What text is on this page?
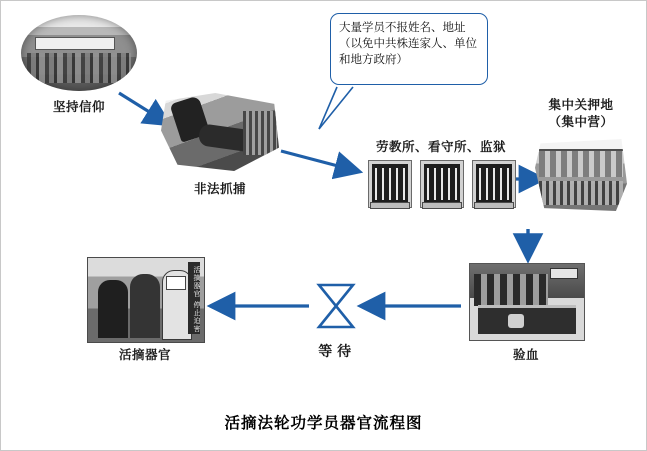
坚持信仰
非法抓捕
大量学员不报姓名、地址（以免中共株连家人、单位和地方政府）
劳教所、看守所、监狱
集中关押地
（集中营）
验血
等 待
活摘器官 停止迫害
活摘器官
活摘法轮功学员器官流程图
